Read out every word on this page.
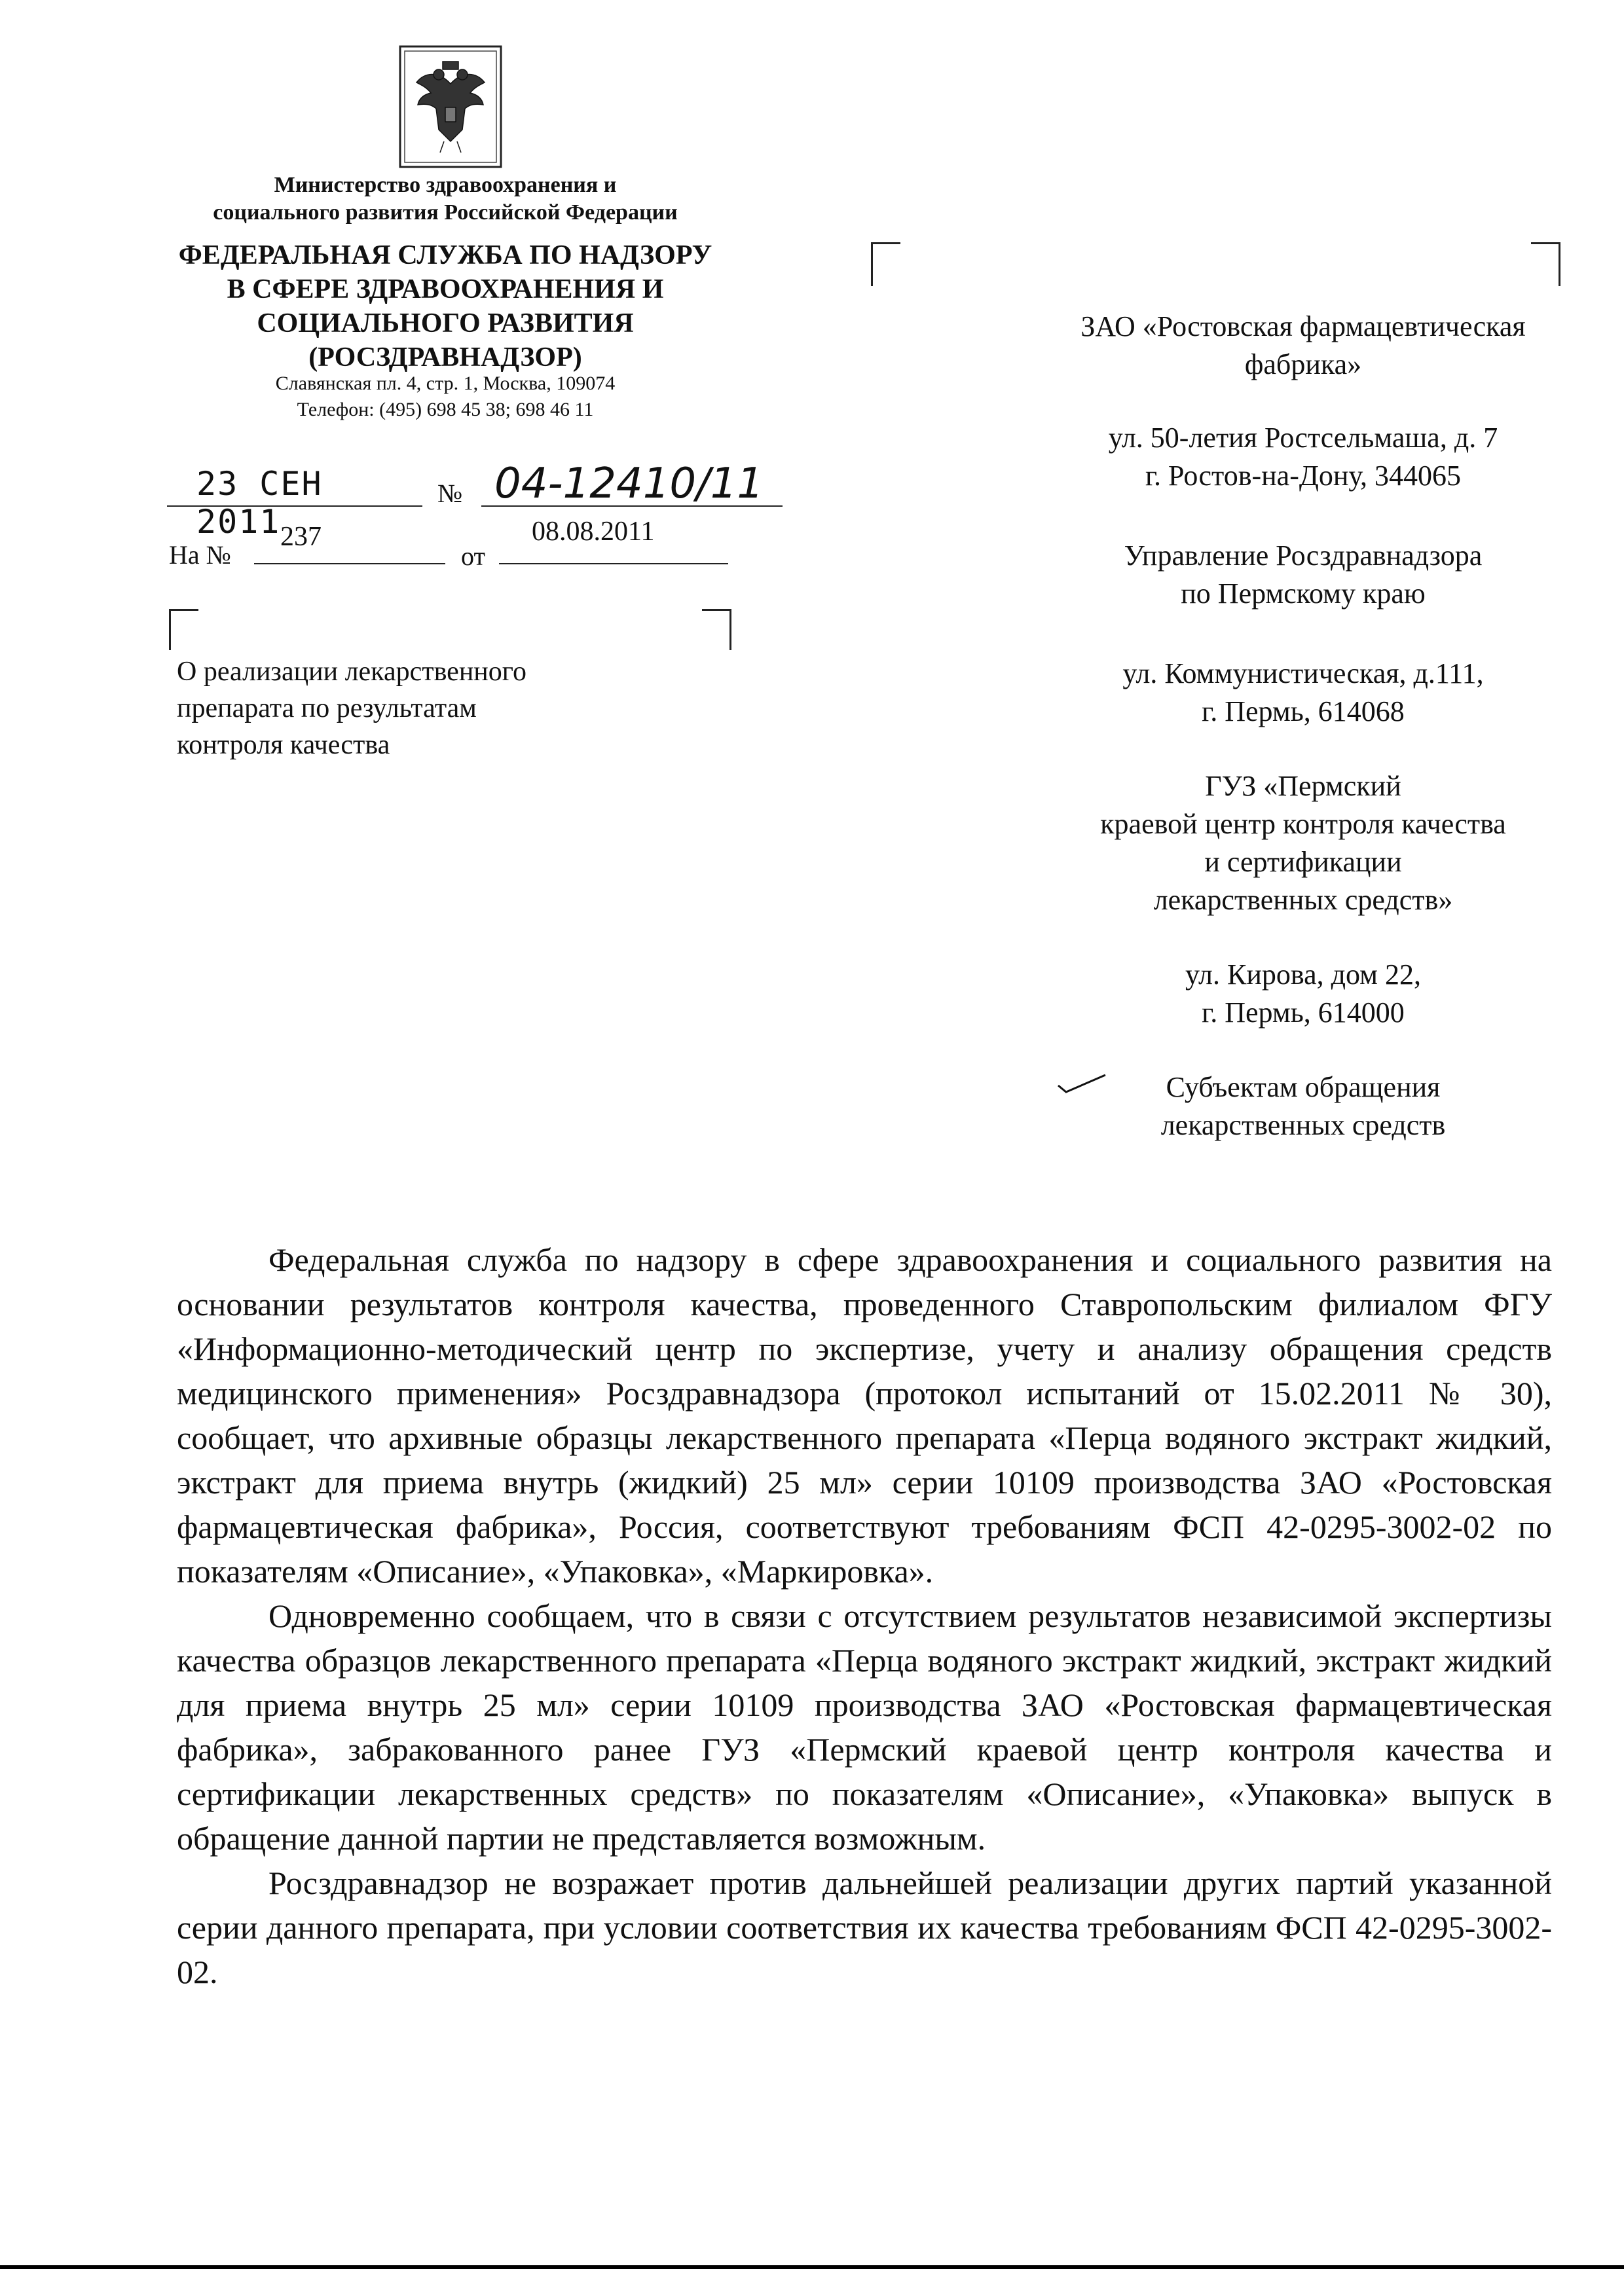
Министерство здравоохранения и
социального развития Российской Федерации
ФЕДЕРАЛЬНАЯ СЛУЖБА ПО НАДЗОРУ
В СФЕРЕ ЗДРАВООХРАНЕНИЯ И
СОЦИАЛЬНОГО РАЗВИТИЯ
(РОСЗДРАВНАДЗОР)
Славянская пл. 4, стр. 1, Москва, 109074
Телефон: (495) 698 45 38; 698 46 11
23 СЕН 2011
№ 04-12410/11
На №
237
от
08.08.2011
О реализации лекарственного
препарата по результатам
контроля качества
ЗАО «Ростовская фармацевтическая
фабрика»
ул. 50-летия Ростсельмаша, д. 7
г. Ростов-на-Дону, 344065
Управление Росздравнадзора
по Пермскому краю
ул. Коммунистическая, д.111,
г. Пермь, 614068
ГУЗ «Пермский
краевой центр контроля качества
и сертификации
лекарственных средств»
ул. Кирова, дом 22,
г. Пермь, 614000
Субъектам обращения
лекарственных средств

Федеральная служба по надзору в сфере здравоохранения и социального развития на основании результатов контроля качества, проведенного Ставропольским филиалом ФГУ «Информационно-методический центр по экспертизе, учету и анализу обращения средств медицинского применения» Росздравнадзора (протокол испытаний от 15.02.2011 № 30), сообщает, что архивные образцы лекарственного препарата «Перца водяного экстракт жидкий, экстракт для приема внутрь (жидкий) 25 мл» серии 10109 производства ЗАО «Ростовская фармацевтическая фабрика», Россия, соответствуют требованиям ФСП 42-0295-3002-02 по показателям «Описание», «Упаковка», «Маркировка».

Одновременно сообщаем, что в связи с отсутствием результатов независимой экспертизы качества образцов лекарственного препарата «Перца водяного экстракт жидкий, экстракт жидкий для приема внутрь 25 мл» серии 10109 производства ЗАО «Ростовская фармацевтическая фабрика», забракованного ранее ГУЗ «Пермский краевой центр контроля качества и сертификации лекарственных средств» по показателям «Описание», «Упаковка» выпуск в обращение данной партии не представляется возможным.

Росздравнадзор не возражает против дальнейшей реализации других партий указанной серии данного препарата, при условии соответствия их качества требованиям ФСП 42-0295-3002-02.
